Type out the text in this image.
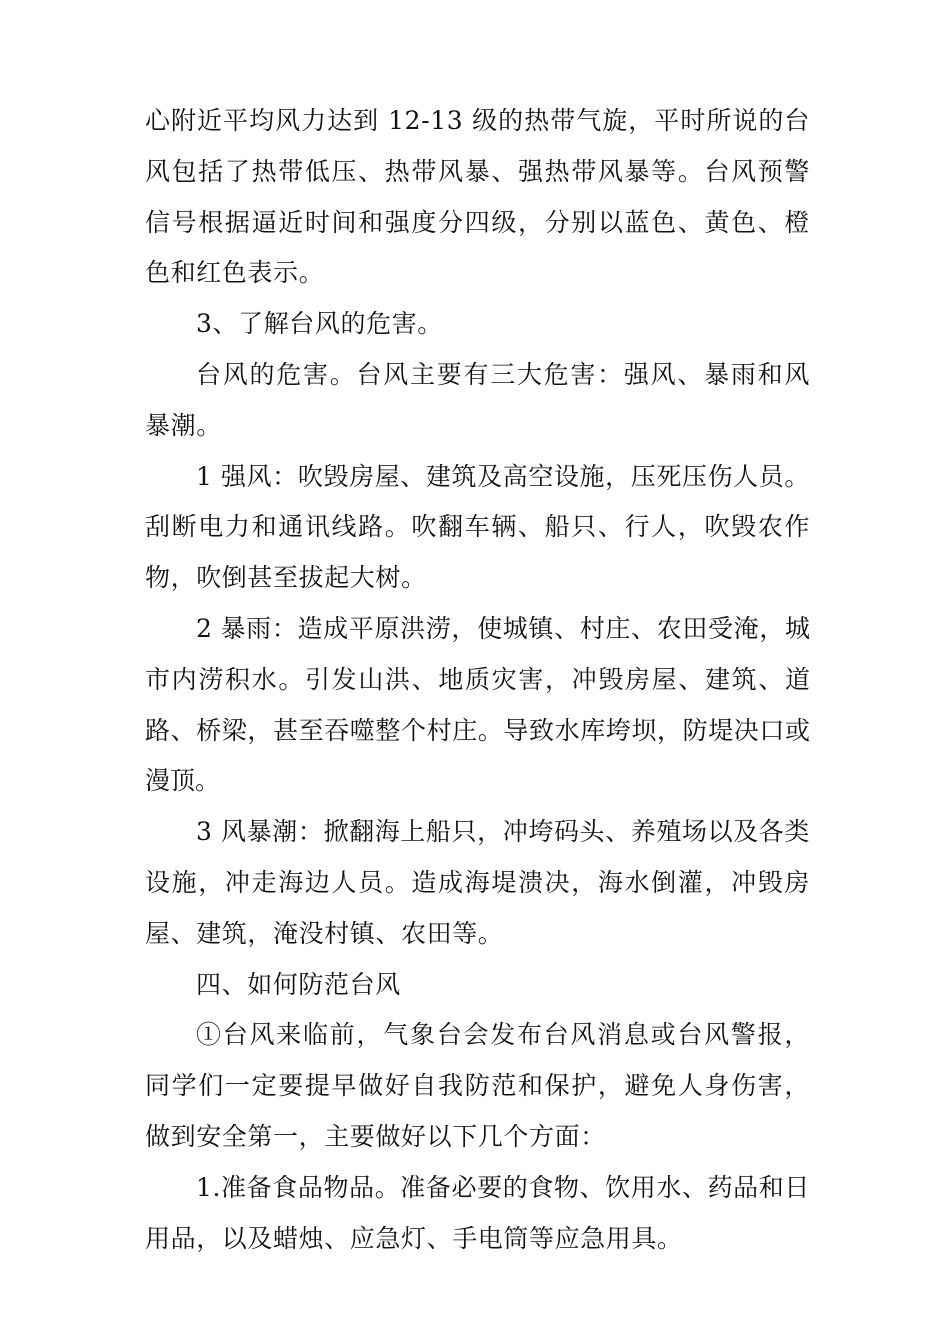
心附近平均风力达到 12-13 级的热带气旋，平时所说的台风包括了热带低压、热带风暴、强热带风暴等。台风预警信号根据逼近时间和强度分四级，分别以蓝色、黄色、橙色和红色表示。

3、了解台风的危害。

台风的危害。台风主要有三大危害：强风、暴雨和风暴潮。

1 强风：吹毁房屋、建筑及高空设施，压死压伤人员。刮断电力和通讯线路。吹翻车辆、船只、行人，吹毁农作物，吹倒甚至拔起大树。

2 暴雨：造成平原洪涝，使城镇、村庄、农田受淹，城市内涝积水。引发山洪、地质灾害，冲毁房屋、建筑、道路、桥梁，甚至吞噬整个村庄。导致水库垮坝，防堤决口或漫顶。

3 风暴潮：掀翻海上船只，冲垮码头、养殖场以及各类设施，冲走海边人员。造成海堤溃决，海水倒灌，冲毁房屋、建筑，淹没村镇、农田等。

四、如何防范台风

①台风来临前，气象台会发布台风消息或台风警报，同学们一定要提早做好自我防范和保护，避免人身伤害，做到安全第一，主要做好以下几个方面：

1.准备食品物品。准备必要的食物、饮用水、药品和日用品，以及蜡烛、应急灯、手电筒等应急用具。
